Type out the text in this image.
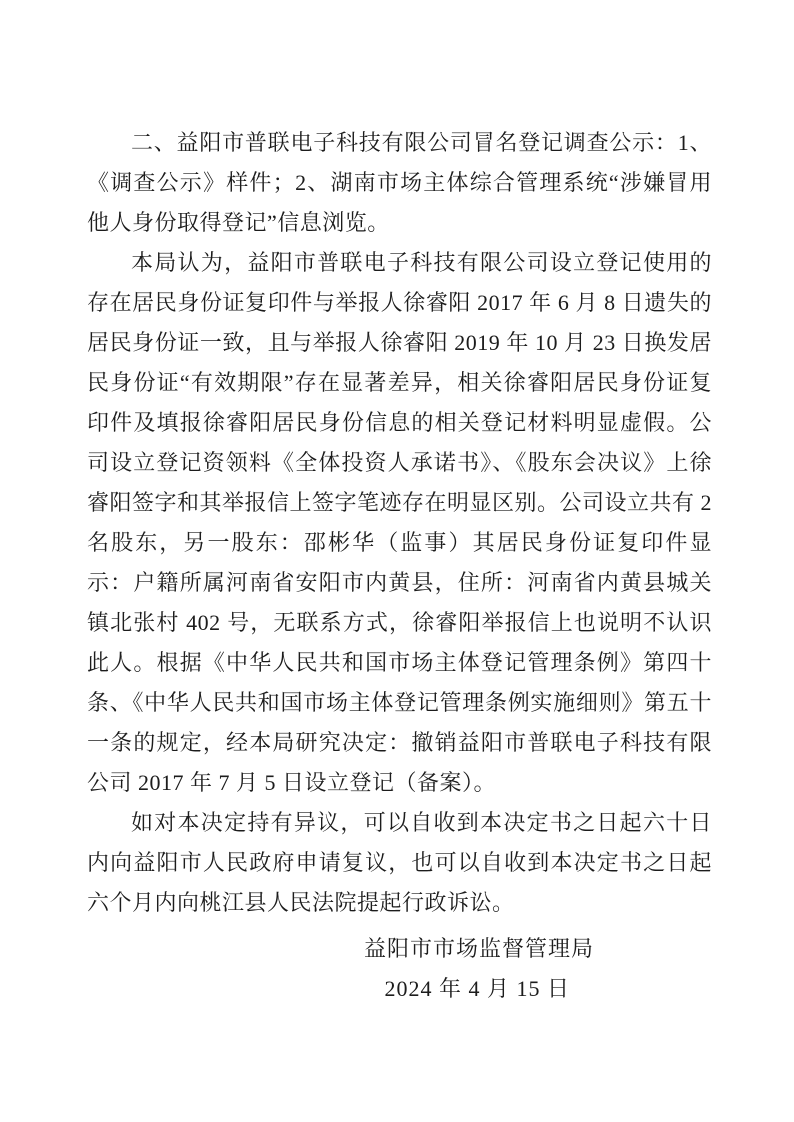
二、益阳市普联电子科技有限公司冒名登记调查公示：1、《调查公示》样件；2、湖南市场主体综合管理系统“涉嫌冒用他人身份取得登记”信息浏览。

本局认为，益阳市普联电子科技有限公司设立登记使用的存在居民身份证复印件与举报人徐睿阳 2017 年 6 月 8 日遗失的居民身份证一致，且与举报人徐睿阳 2019 年 10 月 23 日换发居民身份证“有效期限”存在显著差异，相关徐睿阳居民身份证复印件及填报徐睿阳居民身份信息的相关登记材料明显虚假。公司设立登记资领料《全体投资人承诺书》、《股东会决议》上徐睿阳签字和其举报信上签字笔迹存在明显区别。公司设立共有 2 名股东，另一股东：邵彬华（监事）其居民身份证复印件显示：户籍所属河南省安阳市内黄县，住所：河南省内黄县城关镇北张村 402 号，无联系方式，徐睿阳举报信上也说明不认识此人。根据《中华人民共和国市场主体登记管理条例》第四十条、《中华人民共和国市场主体登记管理条例实施细则》第五十一条的规定，经本局研究决定：撤销益阳市普联电子科技有限公司 2017 年 7 月 5 日设立登记（备案）。

如对本决定持有异议，可以自收到本决定书之日起六十日内向益阳市人民政府申请复议，也可以自收到本决定书之日起六个月内向桃江县人民法院提起行政诉讼。

益阳市市场监督管理局
2024 年 4 月 15 日
